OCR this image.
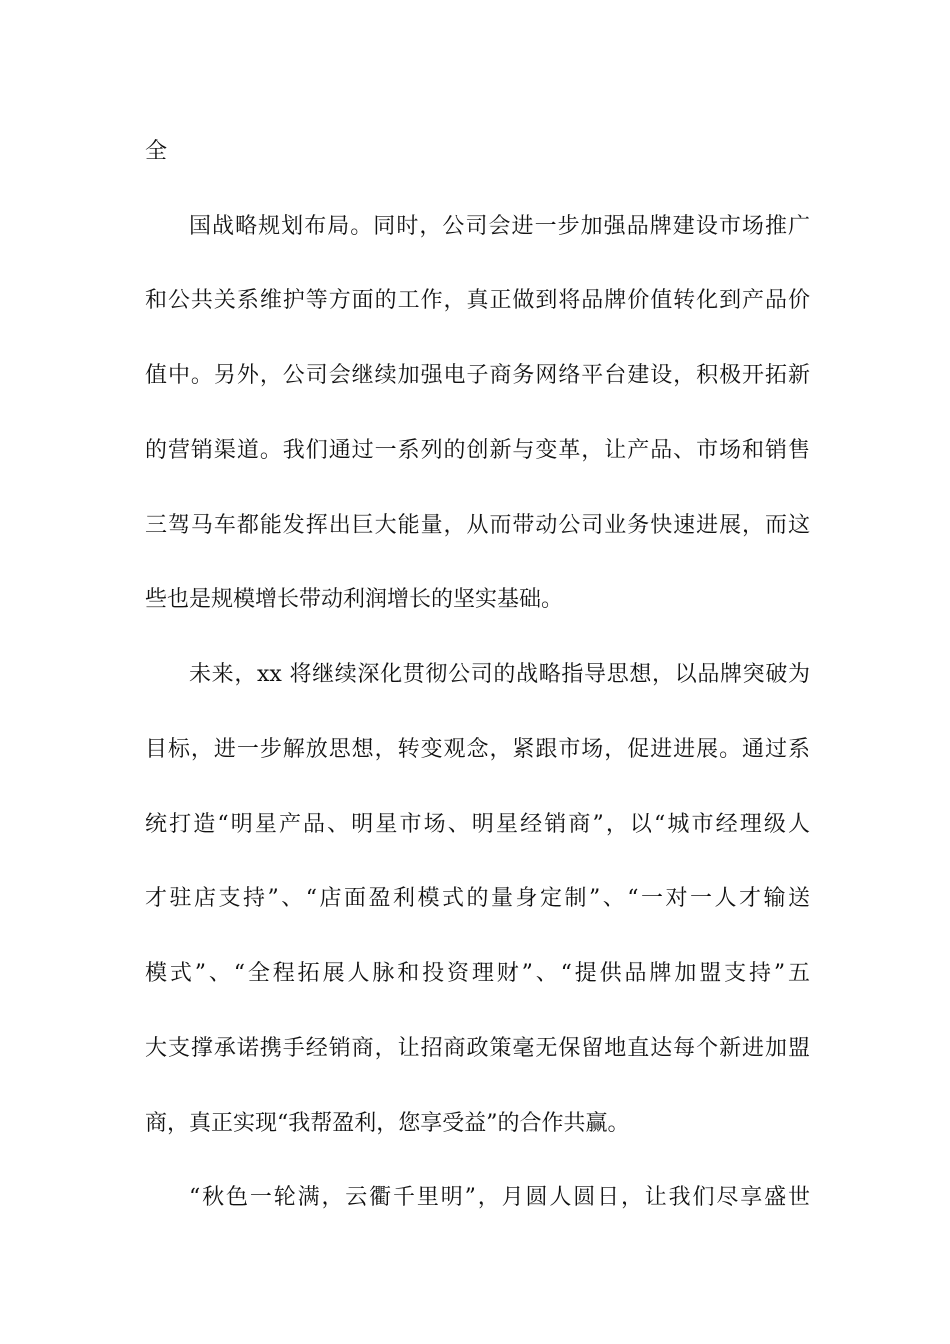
全
国战略规划布局。同时，公司会进一步加强品牌建设市场推广
和公共关系维护等方面的工作，真正做到将品牌价值转化到产品价
值中。另外，公司会继续加强电子商务网络平台建设，积极开拓新
的营销渠道。我们通过一系列的创新与变革，让产品、市场和销售
三驾马车都能发挥出巨大能量，从而带动公司业务快速进展，而这
些也是规模增长带动利润增长的坚实基础。
未来，xx 将继续深化贯彻公司的战略指导思想，以品牌突破为
目标，进一步解放思想，转变观念，紧跟市场，促进进展。通过系
统打造“明星产品、明星市场、明星经销商”，以“城市经理级人
才驻店支持”、“店面盈利模式的量身定制”、“一对一人才输送
模式”、“全程拓展人脉和投资理财”、“提供品牌加盟支持”五
大支撑承诺携手经销商，让招商政策毫无保留地直达每个新进加盟
商，真正实现“我帮盈利，您享受益”的合作共赢。
“秋色一轮满，云衢千里明”，月圆人圆日，让我们尽享盛世
